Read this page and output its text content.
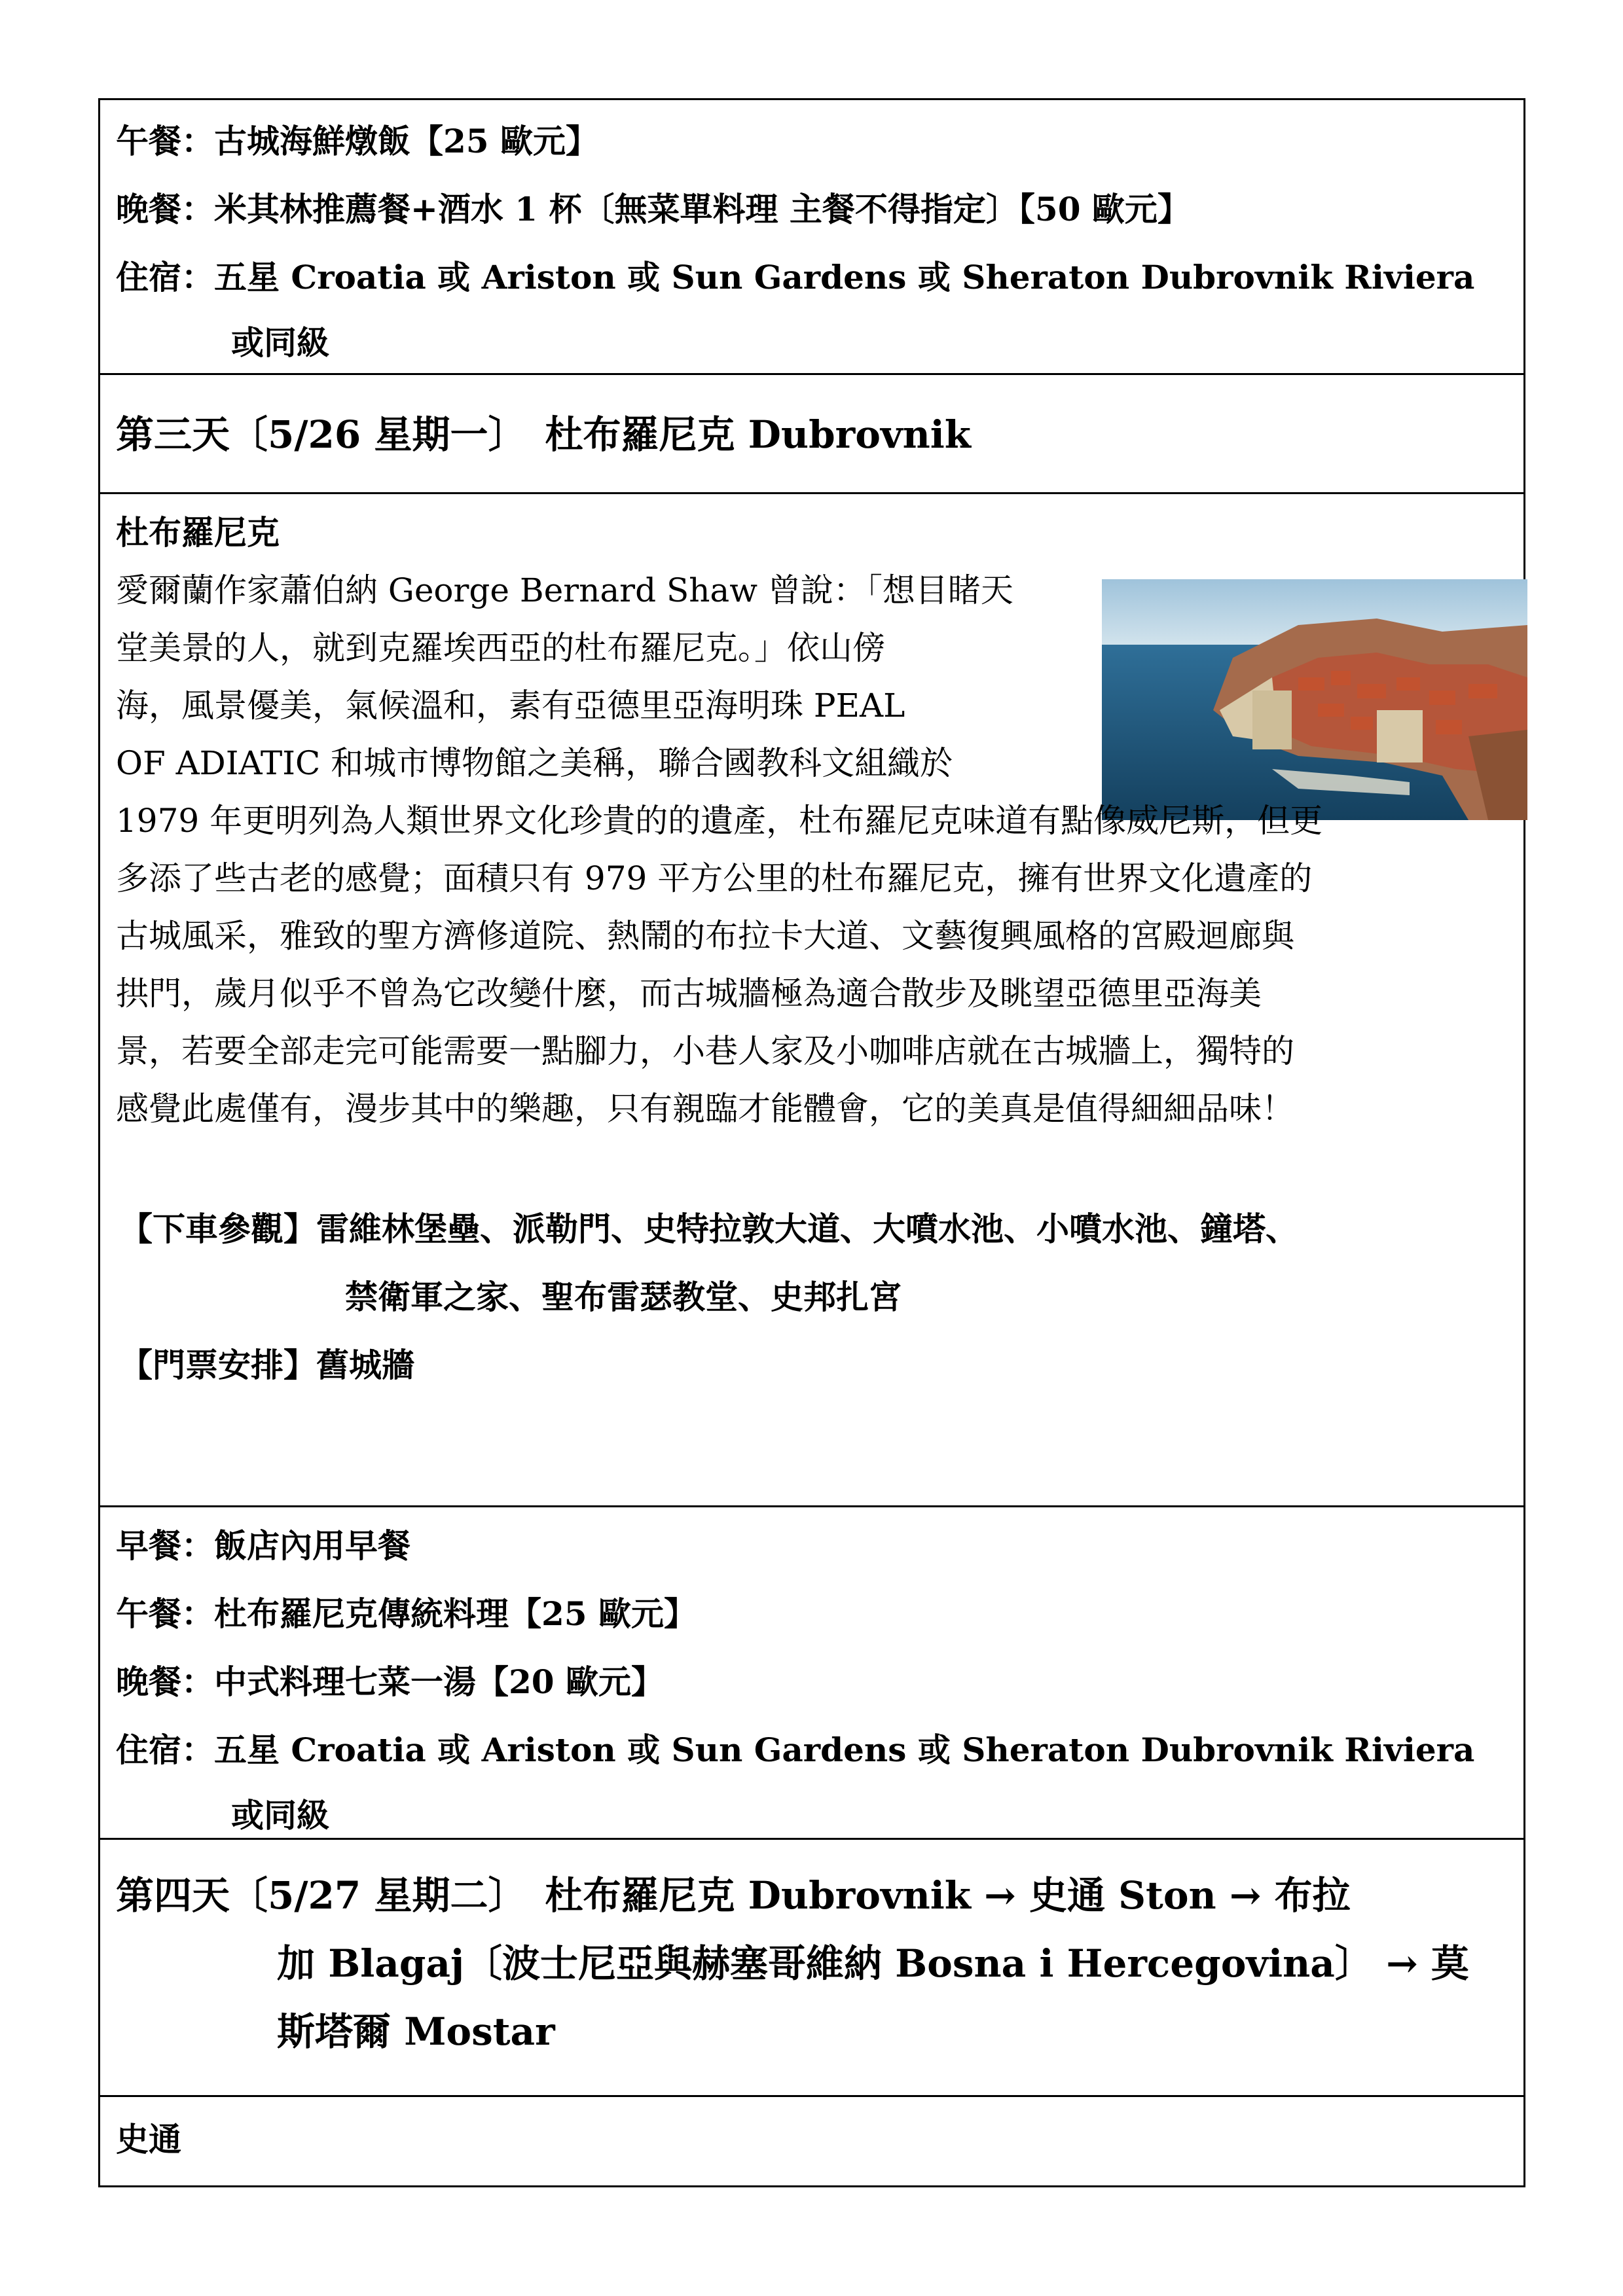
午餐：古城海鮮燉飯【25 歐元】
晚餐：米其林推薦餐+酒水 1 杯〔無菜單料理 主餐不得指定〕【50 歐元】
住宿：五星 Croatia 或 Ariston 或 Sun Gardens 或 Sheraton Dubrovnik Riviera
或同級
第三天〔5/26 星期一〕　杜布羅尼克 Dubrovnik
杜布羅尼克
愛爾蘭作家蕭伯納 George Bernard Shaw 曾說：「想目睹天
堂美景的人，就到克羅埃西亞的杜布羅尼克。」依山傍
海，風景優美，氣候溫和，素有亞德里亞海明珠 PEAL
OF ADIATIC 和城市博物館之美稱，聯合國教科文組織於
1979 年更明列為人類世界文化珍貴的的遺產，杜布羅尼克味道有點像威尼斯，但更
多添了些古老的感覺；面積只有 979 平方公里的杜布羅尼克，擁有世界文化遺產的
古城風采，雅致的聖方濟修道院、熱鬧的布拉卡大道、文藝復興風格的宮殿迴廊與
拱門，歲月似乎不曾為它改變什麼，而古城牆極為適合散步及眺望亞德里亞海美
景，若要全部走完可能需要一點腳力，小巷人家及小咖啡店就在古城牆上，獨特的
感覺此處僅有，漫步其中的樂趣，只有親臨才能體會，它的美真是值得細細品味！
【下車參觀】雷維林堡壘、派勒門、史特拉敦大道、大噴水池、小噴水池、鐘塔、
禁衛軍之家、聖布雷瑟教堂、史邦扎宮
【門票安排】舊城牆
早餐：飯店內用早餐
午餐：杜布羅尼克傳統料理【25 歐元】
晚餐：中式料理七菜一湯【20 歐元】
住宿：五星 Croatia 或 Ariston 或 Sun Gardens 或 Sheraton Dubrovnik Riviera
或同級
第四天〔5/27 星期二〕　杜布羅尼克 Dubrovnik → 史通 Ston → 布拉
加 Blagaj〔波士尼亞與赫塞哥維納 Bosna i Hercegovina〕 → 莫
斯塔爾 Mostar
史通
